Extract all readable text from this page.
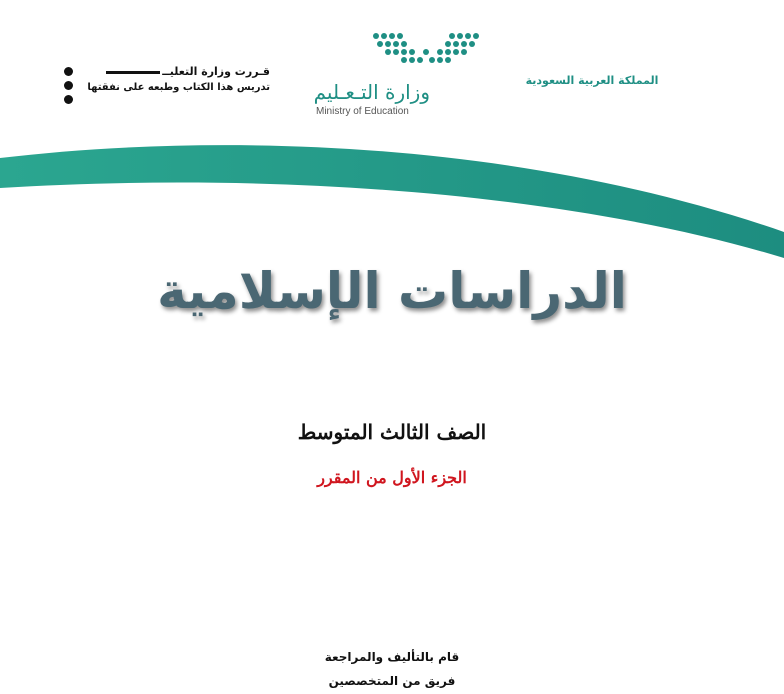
قـررت وزارة التعليــ
تدريس هذا الكتاب وطبعه على نفقتها وزارة التـعـليم
Ministry of Education
المملكة العربية السعودية
الدراسات الإسلامية
الصف الثالث المتوسط
الجزء الأول من المقرر
قام بالتأليف والمراجعة
فريق من المتخصصين
